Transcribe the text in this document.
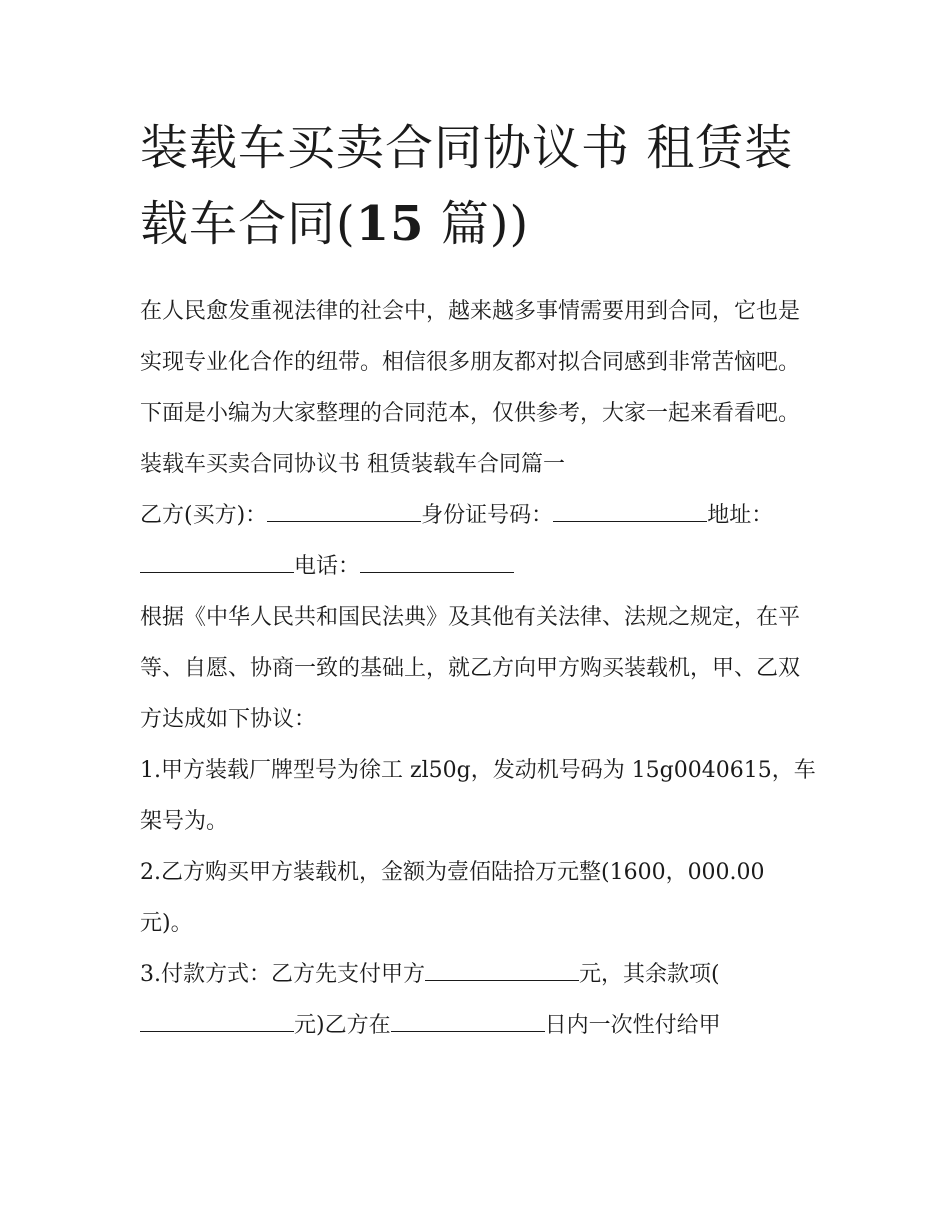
装载车买卖合同协议书 租赁装载车合同(15 篇))

在人民愈发重视法律的社会中，越来越多事情需要用到合同，它也是实现专业化合作的纽带。相信很多朋友都对拟合同感到非常苦恼吧。下面是小编为大家整理的合同范本，仅供参考，大家一起来看看吧。

装载车买卖合同协议书 租赁装载车合同篇一

乙方(买方)：	身份证号码：	地址：电话：

根据《中华人民共和国民法典》及其他有关法律、法规之规定，在平等、自愿、协商一致的基础上，就乙方向甲方购买装载机，甲、乙双方达成如下协议：

1.甲方装载厂牌型号为徐工 zl50g，发动机号码为 15g0040615，车架号为。

2.乙方购买甲方装载机，金额为壹佰陆拾万元整(1600，000.00 元)。

3.付款方式：乙方先支付甲方	元，其余款项(元)乙方在	日内一次性付给甲
